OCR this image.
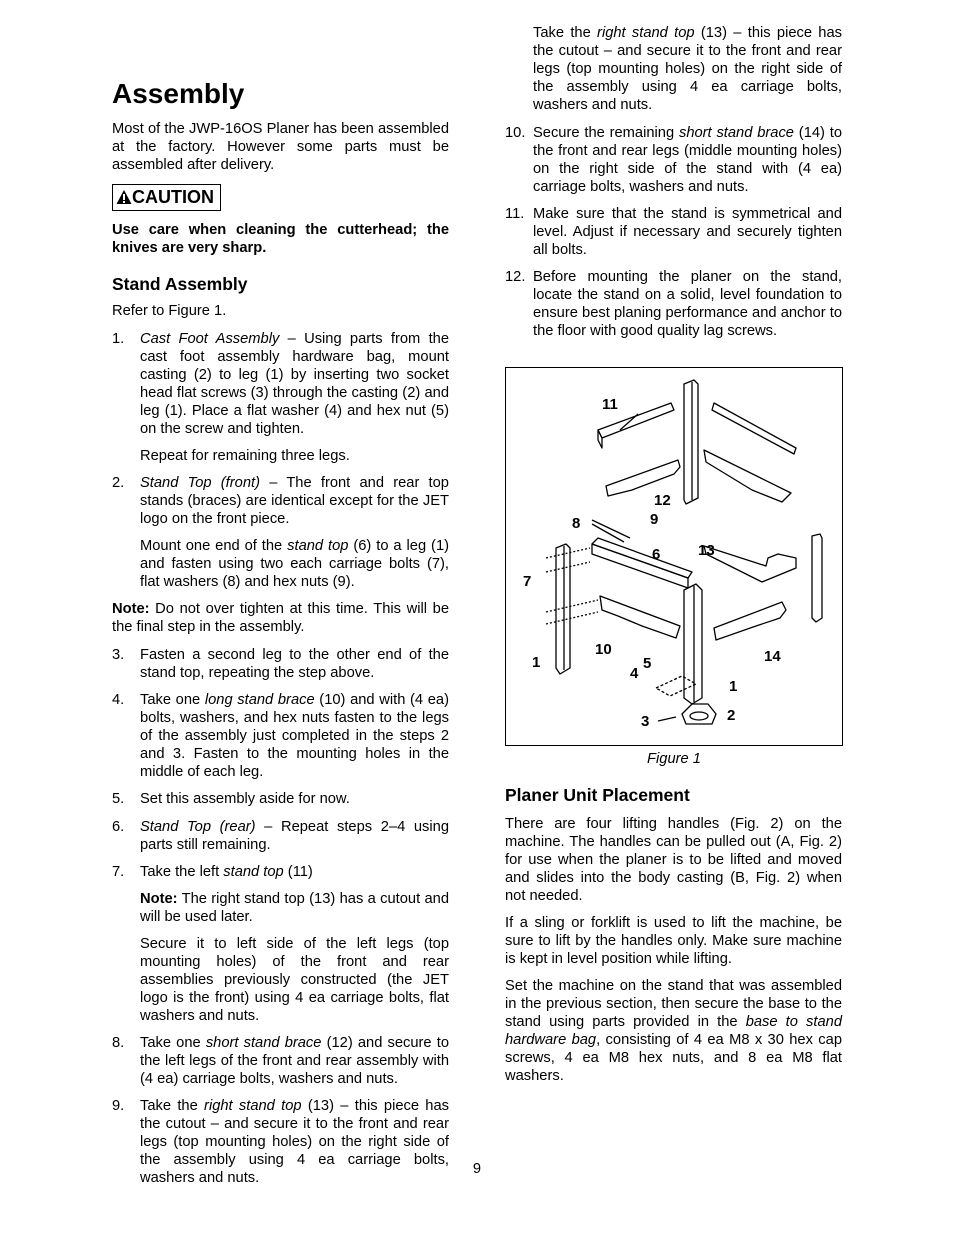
Assembly

Most of the JWP-16OS Planer has been assembled at the factory. However some parts must be assembled after delivery.

CAUTION

Use care when cleaning the cutterhead; the knives are very sharp.

Stand Assembly

Refer to Figure 1.

1. Cast Foot Assembly – Using parts from the cast foot assembly hardware bag, mount casting (2) to leg (1) by inserting two socket head flat screws (3) through the casting (2) and leg (1). Place a flat washer (4) and hex nut (5) on the screw and tighten.

Repeat for remaining three legs.

2. Stand Top (front) – The front and rear top stands (braces) are identical except for the JET logo on the front piece.

Mount one end of the stand top (6) to a leg (1) and fasten using two each carriage bolts (7), flat washers (8) and hex nuts (9).

Note: Do not over tighten at this time. This will be the final step in the assembly.

3. Fasten a second leg to the other end of the stand top, repeating the step above.

4. Take one long stand brace (10) and with (4 ea) bolts, washers, and hex nuts fasten to the legs of the assembly just completed in the steps 2 and 3. Fasten to the mounting holes in the middle of each leg.

5. Set this assembly aside for now.

6. Stand Top (rear) – Repeat steps 2–4 using parts still remaining.

7. Take the left stand top (11)

Note: The right stand top (13) has a cutout and will be used later.

Secure it to left side of the left legs (top mounting holes) of the front and rear assemblies previously constructed (the JET logo is the front) using 4 ea carriage bolts, flat washers and nuts.

8. Take one short stand brace (12) and secure to the left legs of the front and rear assembly with (4 ea) carriage bolts, washers and nuts.

9. Take the right stand top (13) – this piece has the cutout – and secure it to the front and rear legs (top mounting holes) on the right side of the assembly using 4 ea carriage bolts, washers and nuts.

Take the right stand top (13) – this piece has the cutout – and secure it to the front and rear legs (top mounting holes) on the right side of the assembly using 4 ea carriage bolts, washers and nuts.

10. Secure the remaining short stand brace (14) to the front and rear legs (middle mounting holes) on the right side of the stand with (4 ea) carriage bolts, washers and nuts.

11. Make sure that the stand is symmetrical and level. Adjust if necessary and securely tighten all bolts.

12. Before mounting the planer on the stand, locate the stand on a solid, level foundation to ensure best planing performance and anchor to the floor with good quality lag screws.

11
12
8	9
6	13
7
10
5
4
1	14
1
3	2
Figure 1
Planer Unit Placement

There are four lifting handles (Fig. 2) on the machine. The handles can be pulled out (A, Fig. 2) for use when the planer is to be lifted and moved and slides into the body casting (B, Fig. 2) when not needed.

If a sling or forklift is used to lift the machine, be sure to lift by the handles only. Make sure machine is kept in level position while lifting.

Set the machine on the stand that was assembled in the previous section, then secure the base to the stand using parts provided in the base to stand hardware bag, consisting of 4 ea M8 x 30 hex cap screws, 4 ea M8 hex nuts, and 8 ea M8 flat washers.

9
